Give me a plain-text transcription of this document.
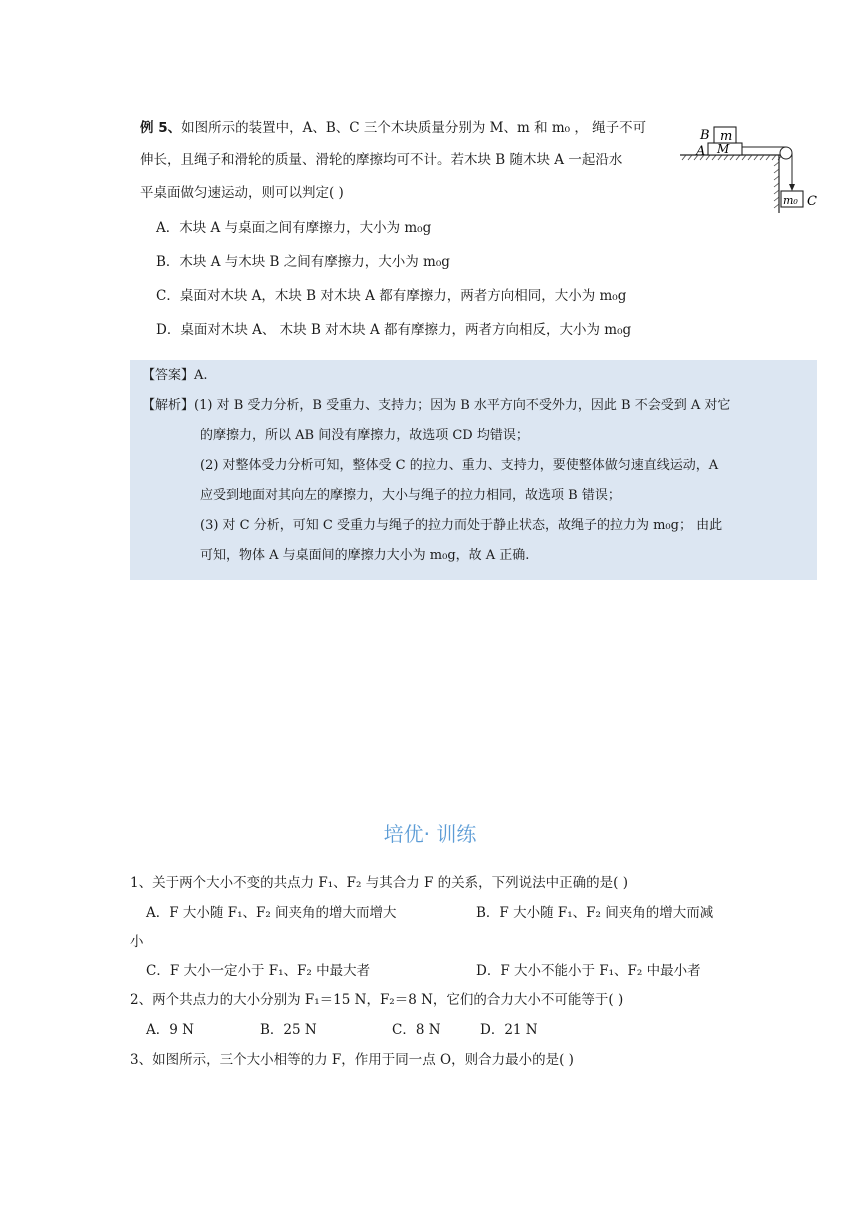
例 5、如图所示的装置中，A、B、C 三个木块质量分别为 M、m 和 m₀ ， 绳子不可
伸长，且绳子和滑轮的质量、滑轮的摩擦均可不计。若木块 B 随木块 A 一起沿水
平桌面做匀速运动，则可以判定( )
A．木块 A 与桌面之间有摩擦力，大小为 m₀g
B．木块 A 与木块 B 之间有摩擦力，大小为 m₀g
C．桌面对木块 A，木块 B 对木块 A 都有摩擦力，两者方向相同，大小为 m₀g
D．桌面对木块 A、 木块 B 对木块 A 都有摩擦力，两者方向相反，大小为 m₀g
B m
A M
m₀ C
【答案】A.
【解析】(1) 对 B 受力分析，B 受重力、支持力；因为 B 水平方向不受外力，因此 B 不会受到 A 对它
的摩擦力，所以 AB 间没有摩擦力，故选项 CD 均错误；
(2) 对整体受力分析可知，整体受 C 的拉力、重力、支持力，要使整体做匀速直线运动，A
应受到地面对其向左的摩擦力，大小与绳子的拉力相同，故选项 B 错误；
(3) 对 C 分析，可知 C 受重力与绳子的拉力而处于静止状态，故绳子的拉力为 m₀g； 由此
可知，物体 A 与桌面间的摩擦力大小为 m₀g，故 A 正确.
培优· 训练
1、关于两个大小不变的共点力 F₁、F₂ 与其合力 F 的关系，下列说法中正确的是( )
A．F 大小随 F₁、F₂ 间夹角的增大而增大	B．F 大小随 F₁、F₂ 间夹角的增大而减
小
C．F 大小一定小于 F₁、F₂ 中最大者	D．F 大小不能小于 F₁、F₂ 中最小者
2、两个共点力的大小分别为 F₁＝15 N，F₂＝8 N，它们的合力大小不可能等于( )
A．9 N	B．25 N	C．8 N	D．21 N
3、如图所示，三个大小相等的力 F，作用于同一点 O，则合力最小的是( )
